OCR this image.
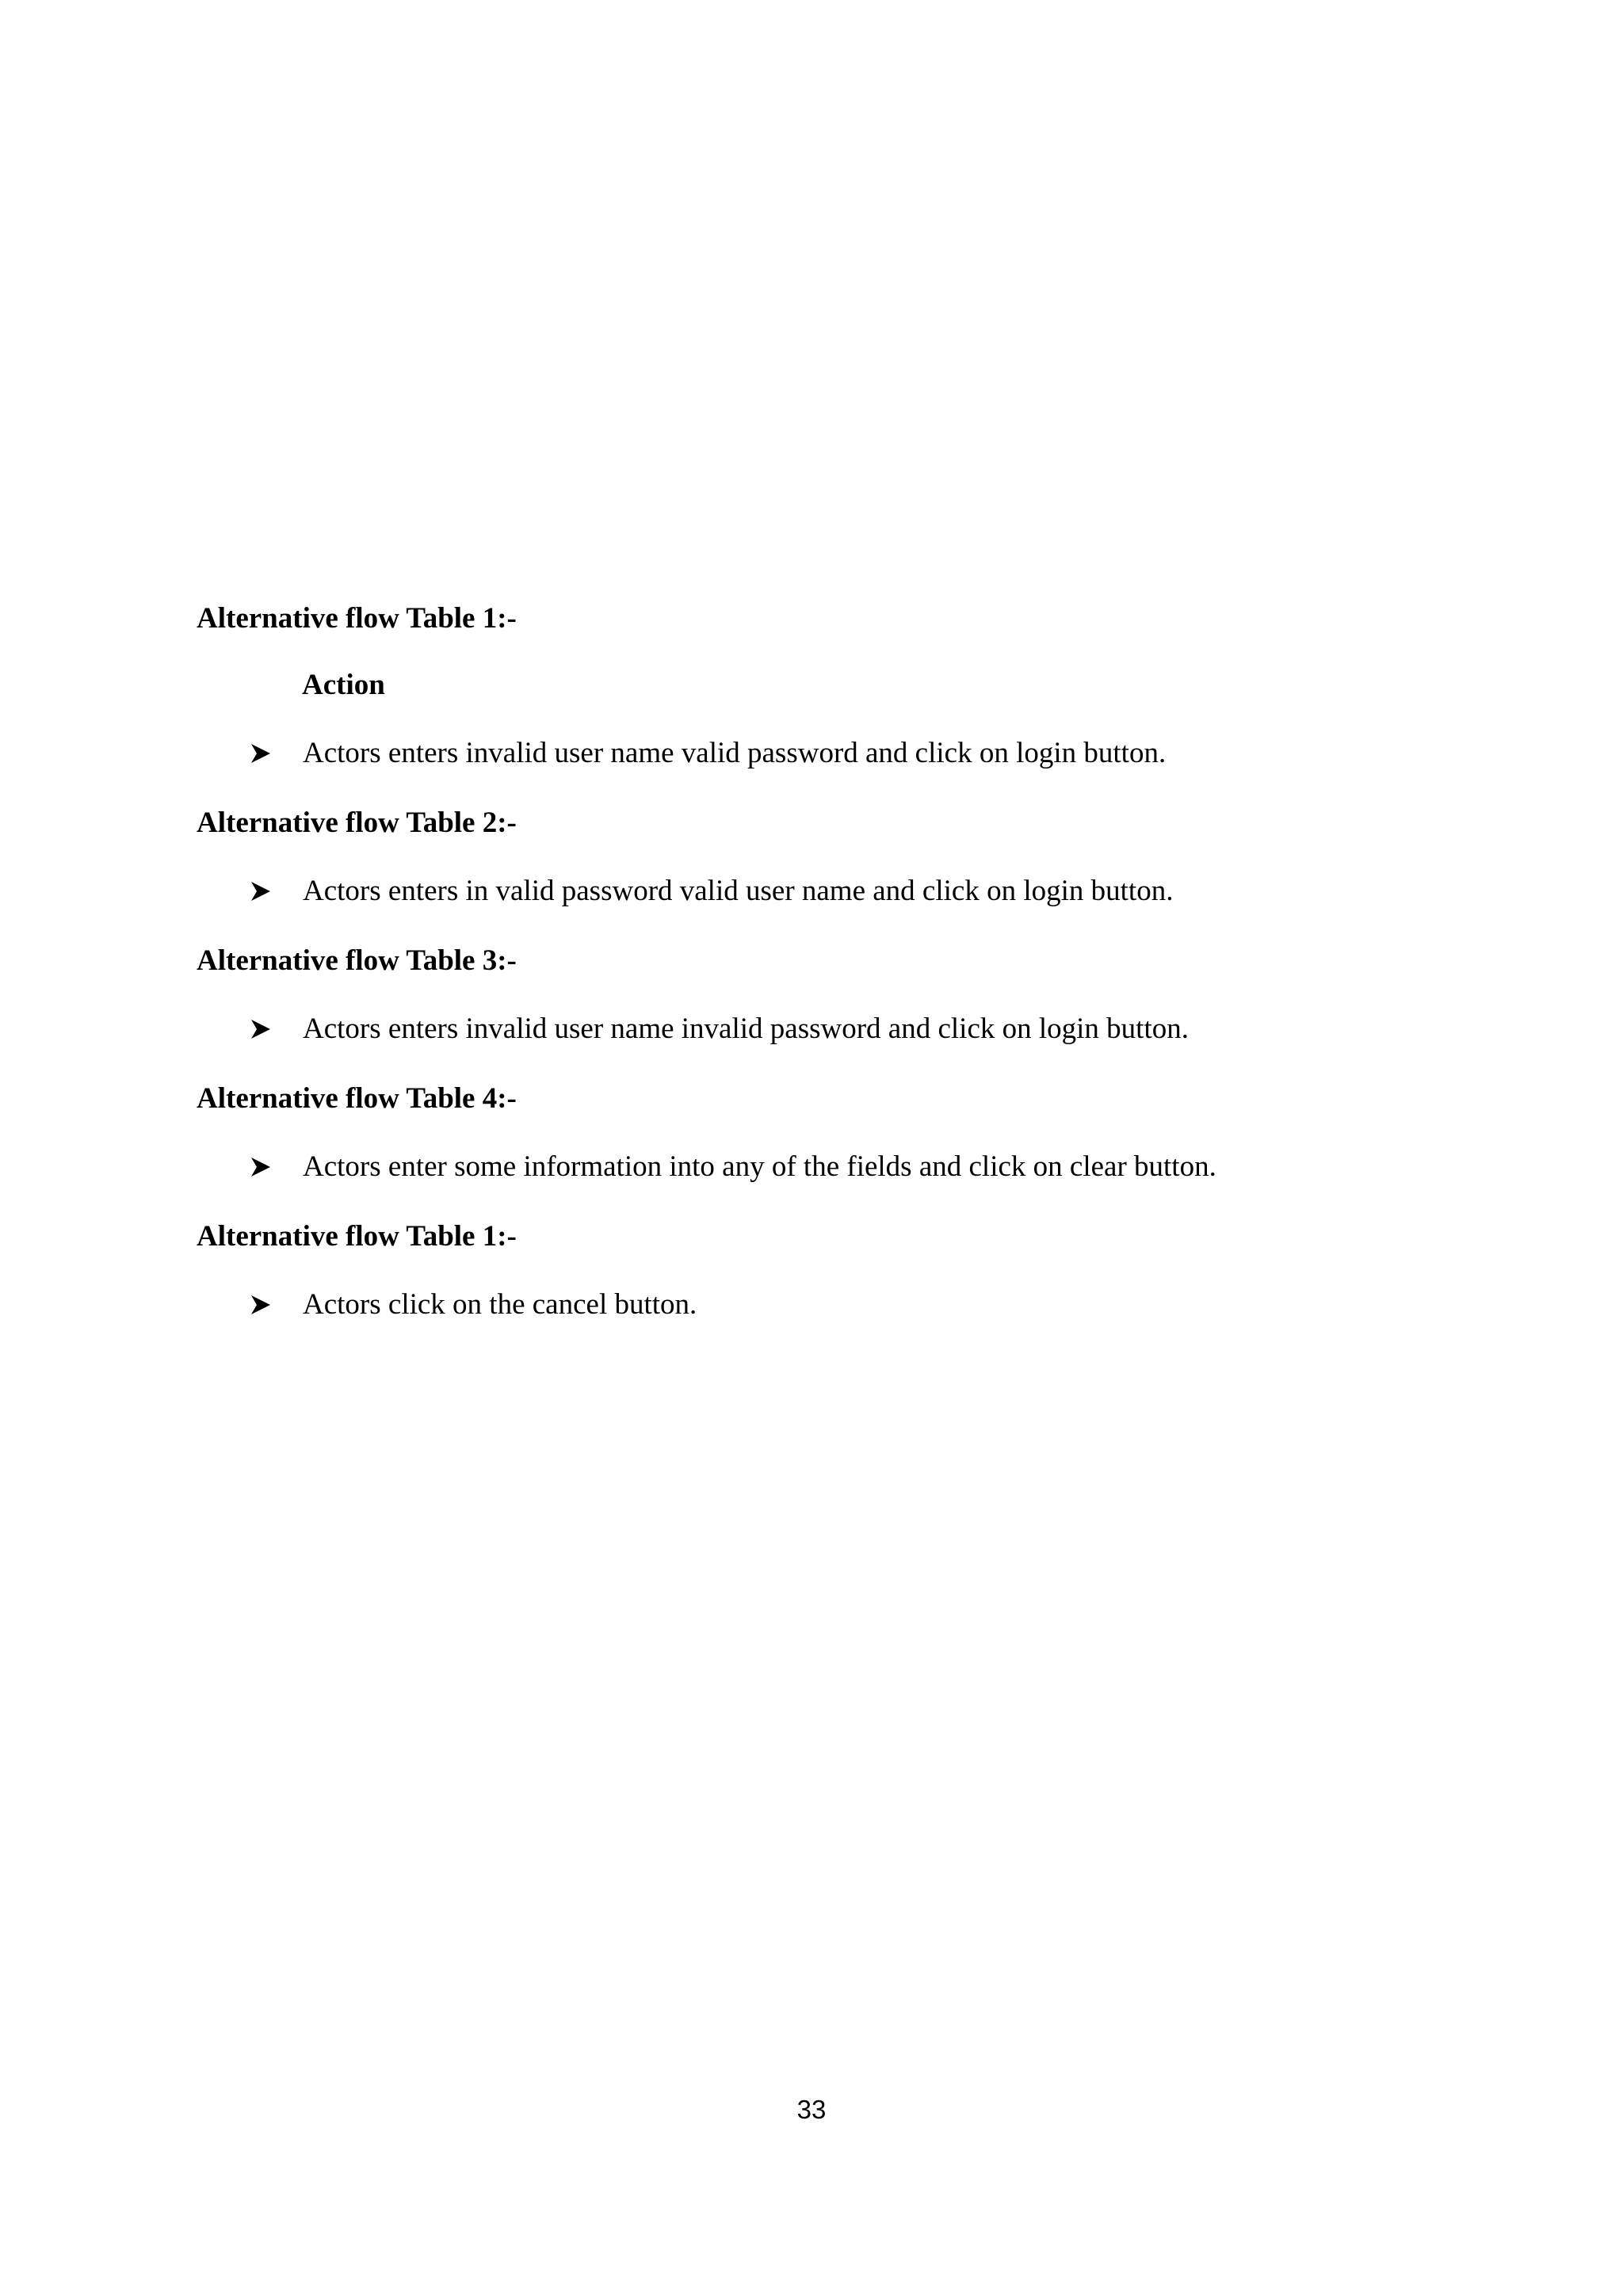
Alternative flow Table 1:-
Action
Actors enters invalid user name valid password and click on login button.
Alternative flow Table 2:-
Actors enters in valid password valid user name and click on login button.
Alternative flow Table 3:-
Actors enters invalid user name invalid password and click on login button.
Alternative flow Table 4:-
Actors enter some information into any of the fields and click on clear button.
Alternative flow Table 1:-
Actors click on the cancel button.
33
